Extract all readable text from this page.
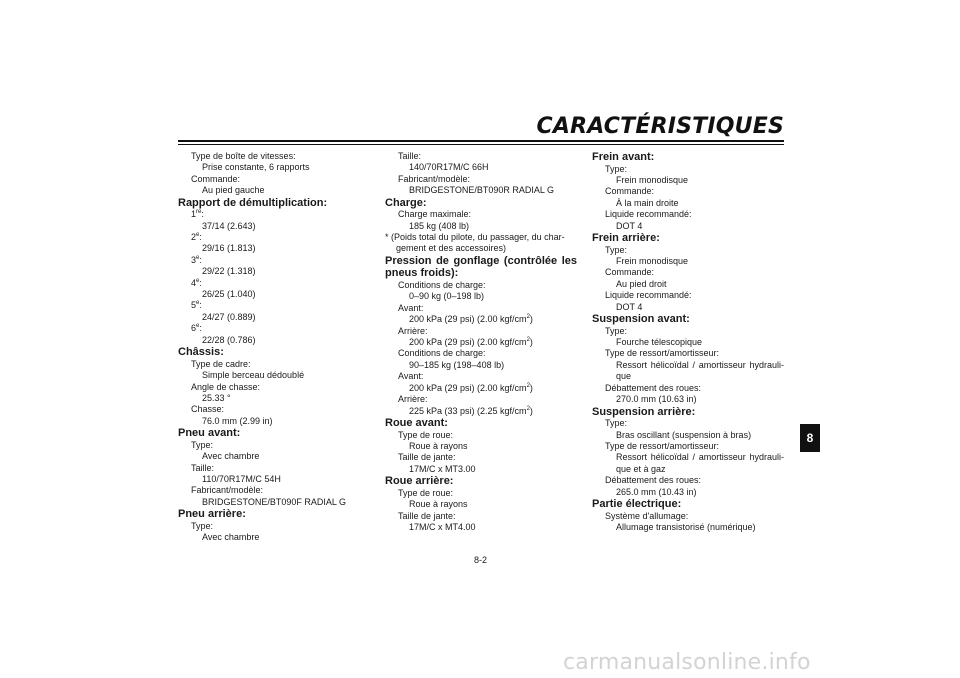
CARACTÉRISTIQUES
8
Type de boîte de vitesses:
Prise constante, 6 rapports
Commande:
Au pied gauche
Rapport de démultiplication:
1re:
37/14 (2.643)
2e:
29/16 (1.813)
3e:
29/22 (1.318)
4e:
26/25 (1.040)
5e:
24/27 (0.889)
6e:
22/28 (0.786)
Châssis:
Type de cadre:
Simple berceau dédoublé
Angle de chasse:
25.33 °
Chasse:
76.0 mm (2.99 in)
Pneu avant:
Type:
Avec chambre
Taille:
110/70R17M/C 54H
Fabricant/modèle:
BRIDGESTONE/BT090F RADIAL G
Pneu arrière:
Type:
Avec chambre
Taille:
140/70R17M/C 66H
Fabricant/modèle:
BRIDGESTONE/BT090R RADIAL G
Charge:
Charge maximale:
185 kg (408 lb)
* (Poids total du pilote, du passager, du char-
gement et des accessoires)
Pression de gonflage (contrôlée les
pneus froids):
Conditions de charge:
0–90 kg (0–198 lb)
Avant:
200 kPa (29 psi) (2.00 kgf/$cm^2$)
Arrière:
200 kPa (29 psi) (2.00 kgf/$cm^2$)
Conditions de charge:
90–185 kg (198–408 lb)
Avant:
200 kPa (29 psi) (2.00 kgf/$cm^2$)
Arrière:
225 kPa (33 psi) (2.25 kgf/$cm^2$)
Roue avant:
Type de roue:
Roue à rayons
Taille de jante:
17M/C x MT3.00
Roue arrière:
Type de roue:
Roue à rayons
Taille de jante:
17M/C x MT4.00
Frein avant:
Type:
Frein monodisque
Commande:
À la main droite
Liquide recommandé:
DOT 4
Frein arrière:
Type:
Frein monodisque
Commande:
Au pied droit
Liquide recommandé:
DOT 4
Suspension avant:
Type:
Fourche télescopique
Type de ressort/amortisseur:
Ressort hélicoïdal / amortisseur hydrauli-
que
Débattement des roues:
270.0 mm (10.63 in)
Suspension arrière:
Type:
Bras oscillant (suspension à bras)
Type de ressort/amortisseur:
Ressort hélicoïdal / amortisseur hydrauli-
que et à gaz
Débattement des roues:
265.0 mm (10.43 in)
Partie électrique:
Système d'allumage:
Allumage transistorisé (numérique)
8-2
carmanualsonline.info
